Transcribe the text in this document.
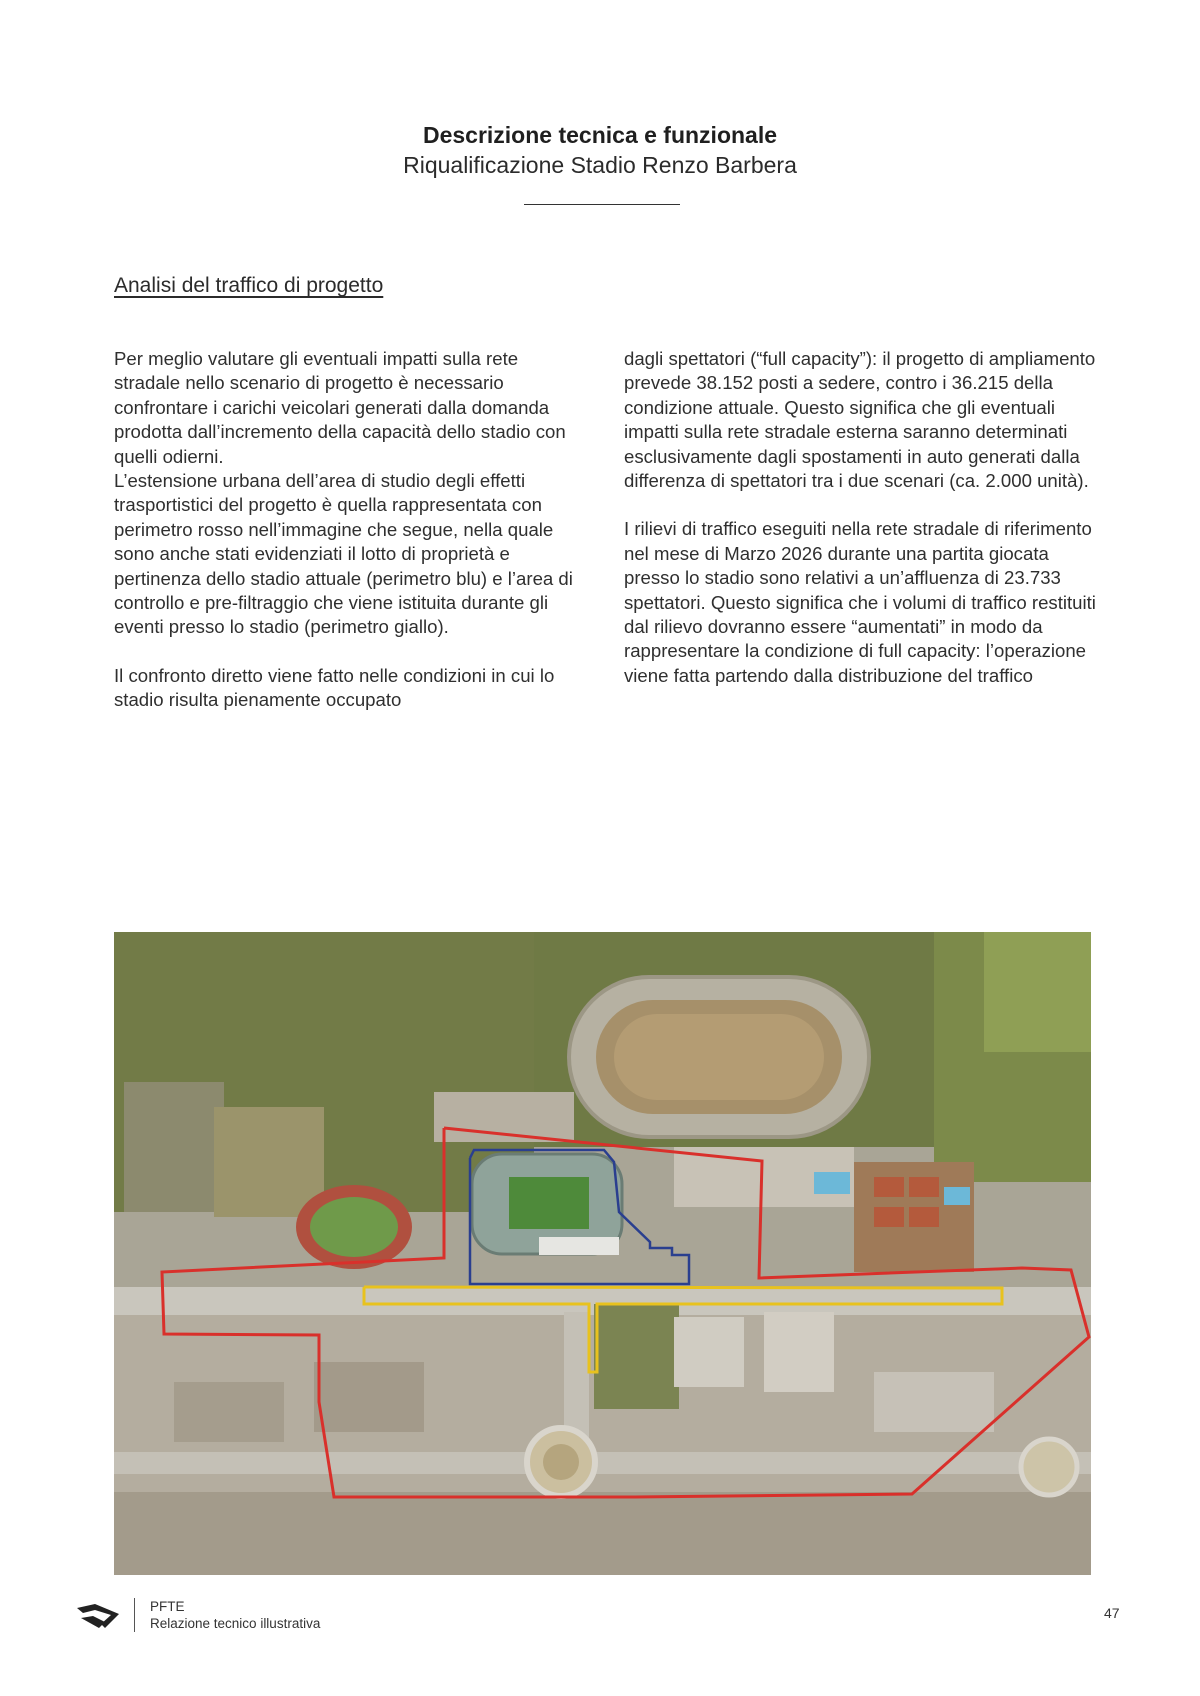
Descrizione tecnica e funzionale
Riqualificazione Stadio Renzo Barbera
Analisi del traffico di progetto

Per meglio valutare gli eventuali impatti sulla rete stradale nello scenario di progetto è necessario confrontare i carichi veicolari generati dalla domanda prodotta dall’incremento della capacità dello stadio con quelli odierni.
L’estensione urbana dell’area di studio degli effetti trasportistici del progetto è quella rappresentata con perimetro rosso nell’immagine che segue, nella quale sono anche stati evidenziati il lotto di proprietà e pertinenza dello stadio attuale (perimetro blu) e l’area di controllo e pre-filtraggio che viene istituita durante gli eventi presso lo stadio (perimetro giallo).

Il confronto diretto viene fatto nelle condizioni in cui lo stadio risulta pienamente occupato

dagli spettatori (“full capacity”): il progetto di ampliamento prevede 38.152 posti a sedere, contro i 36.215 della condizione attuale. Questo significa che gli eventuali impatti sulla rete stradale esterna saranno determinati esclusivamente dagli spostamenti in auto generati dalla differenza di spettatori tra i due scenari (ca. 2.000 unità).

I rilievi di traffico eseguiti nella rete stradale di riferimento nel mese di Marzo 2026 durante una partita giocata presso lo stadio sono relativi a un’affluenza di 23.733 spettatori. Questo significa che i volumi di traffico restituiti dal rilievo dovranno essere “aumentati” in modo da rappresentare la condizione di full capacity: l’operazione viene fatta partendo dalla distribuzione del traffico

PFTE
Relazione tecnico illustrativa
47
